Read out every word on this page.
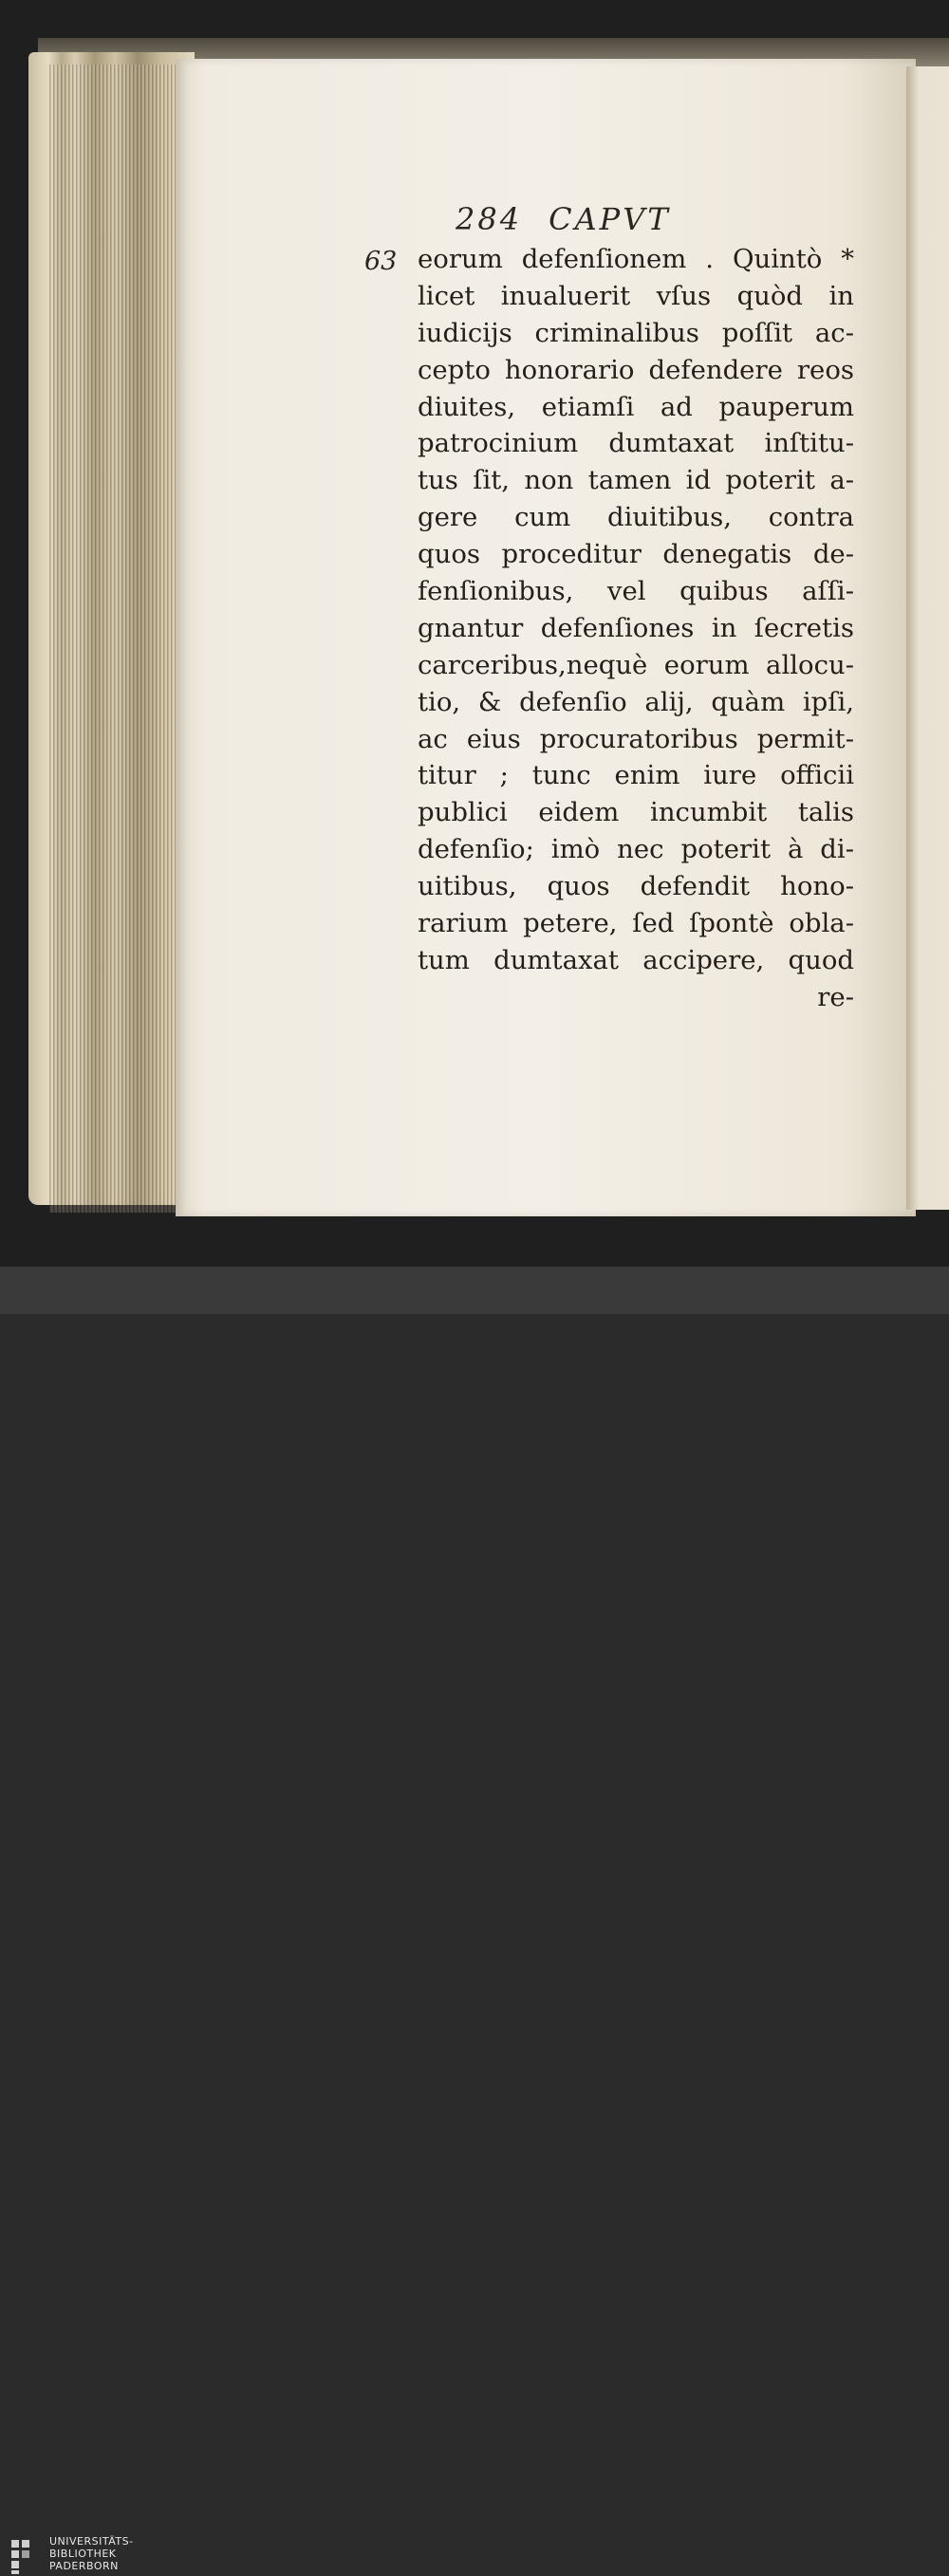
284 CAPVT
63 eorum defenſionem . Quintò *
licet inualuerit vſus quòd in
iudicijs criminalibus poſſit ac-
cepto honorario defendere reos
diuites, etiamſi ad pauperum
patrocinium dumtaxat inſtitu-
tus ſit, non tamen id poterit a-
gere cum diuitibus, contra
quos proceditur denegatis de-
fenſionibus, vel quibus aſſi-
gnantur defenſiones in ſecretis
carceribus,nequè eorum allocu-
tio, & defenſio alij, quàm ipſi,
ac eius procuratoribus permit-
titur ; tunc enim iure officii
publici eidem incumbit talis
defenſio; imò nec poterit à di-
uitibus, quos defendit hono-
rarium petere, ſed ſpontè obla-
tum dumtaxat accipere, quod
re-
UNIVERSITÄTS-
BIBLIOTHEK
PADERBORN
